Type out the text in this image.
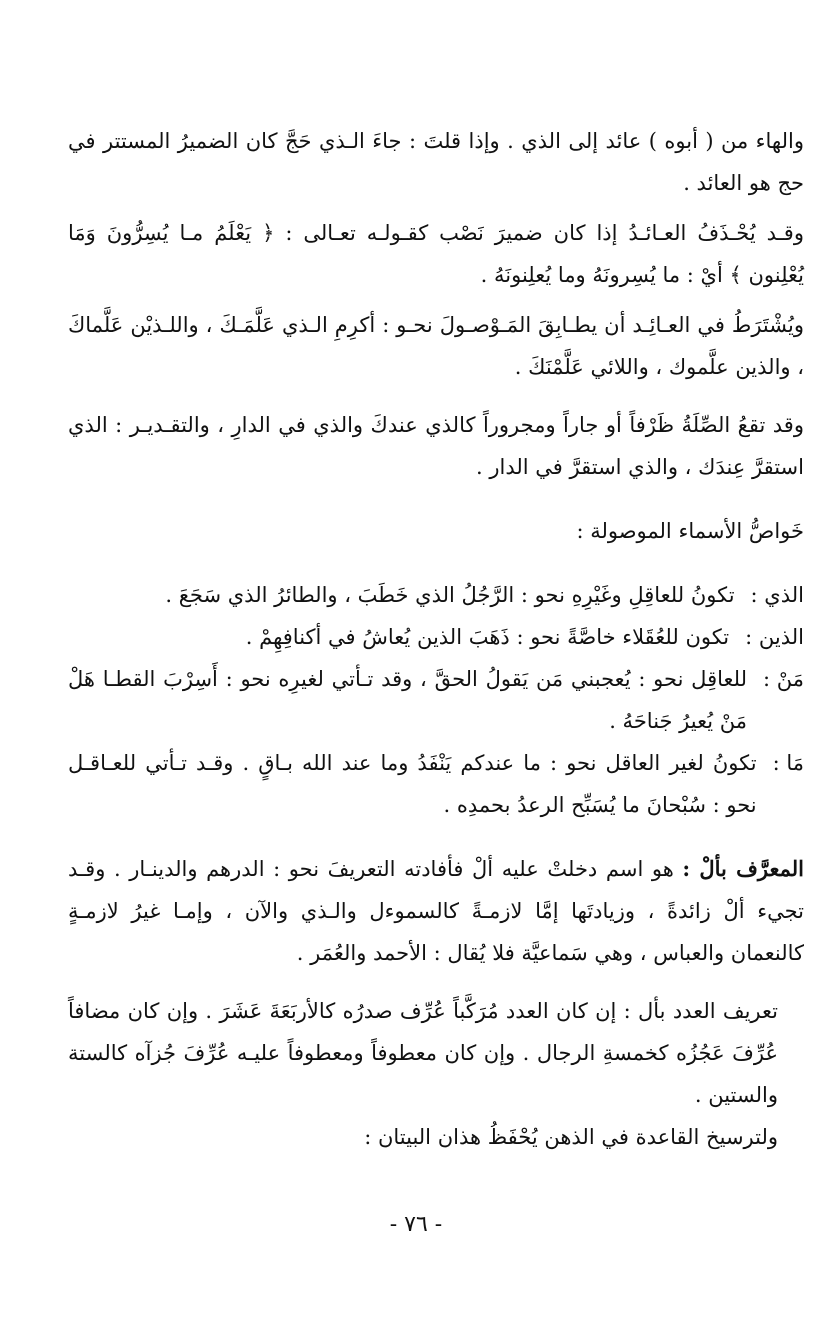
والهاء من ( أبوه ) عائد إلى الذي . وإذا قلتَ : جاءَ الـذي حَجَّ كان الضميرُ المستتر في حج هو العائد .

وقـد يُحْـذَفُ العـائـدُ إذا كان ضميرَ نَصْب كقـولـه تعـالى : ﴿ يَعْلَمُ مـا يُسِرُّونَ وَمَا يُعْلِنون ﴾ أيْ : ما يُسِرونَهُ وما يُعلِنونَهُ .

ويُشْتَرَطُ في العـائِـد أن يطـابِقَ المَـوْصـولَ نحـو : أكرِمِ الـذي عَلَّمَـكَ ، واللـذيْن عَلَّماكَ ، والذين علَّموك ، واللائي عَلَّمْنَكَ .

وقد تقعُ الصِّلَةُ ظَرْفاً أو جاراً ومجروراً كالذي عندكَ والذي في الدارِ ، والتقـديـر : الذي استقرَّ عِندَك ، والذي استقرَّ في الدار .

خَواصُّ الأسماء الموصولة :

الذي :
تكونُ للعاقِلِ وغَيْرِهِ نحو : الرَّجُلُ الذي خَطَبَ ، والطائرُ الذي سَجَعَ .
الذين :
تكون للعُقَلاء خاصَّةً نحو : ذَهَبَ الذين يُعاشُ في أكنافِهِمْ .
مَنْ :
للعاقِل نحو : يُعجبني مَن يَقولُ الحقَّ ، وقد تـأتي لغيرِه نحو : أَسِرْبَ القطـا هَلْ مَنْ يُعيرُ جَناحَهُ .
مَا :
تكونُ لغير العاقل نحو : ما عندكم يَنْفَدُ وما عند الله بـاقٍ . وقـد تـأتي للعـاقـل نحو : سُبْحانَ ما يُسَبِّح الرعدُ بحمدِه .

المعرَّف بألْ : هو اسم دخلتْ عليه ألْ فأفادته التعريفَ نحو : الدرهم والدينـار . وقـد تجيء ألْ زائدةً ، وزيادتَها إمَّا لازمـةً كالسموءل والـذي والآن ، وإمـا غيرُ لازمـةٍ كالنعمان والعباس ، وهي سَماعيَّة فلا يُقال : الأحمد والعُمَر .

تعريف العدد بأل : إن كان العدد مُرَكَّباً عُرِّف صدرُه كالأربَعَةَ عَشَرَ . وإن كان مضافاً عُرِّفَ عَجُزُه كخمسةِ الرجال . وإن كان معطوفاً ومعطوفاً عليـه عُرِّفَ جُزآه كالستة والستين .

ولترسيخ القاعدة في الذهن يُحْفَظُ هذان البيتان :

- ٧٦ -
